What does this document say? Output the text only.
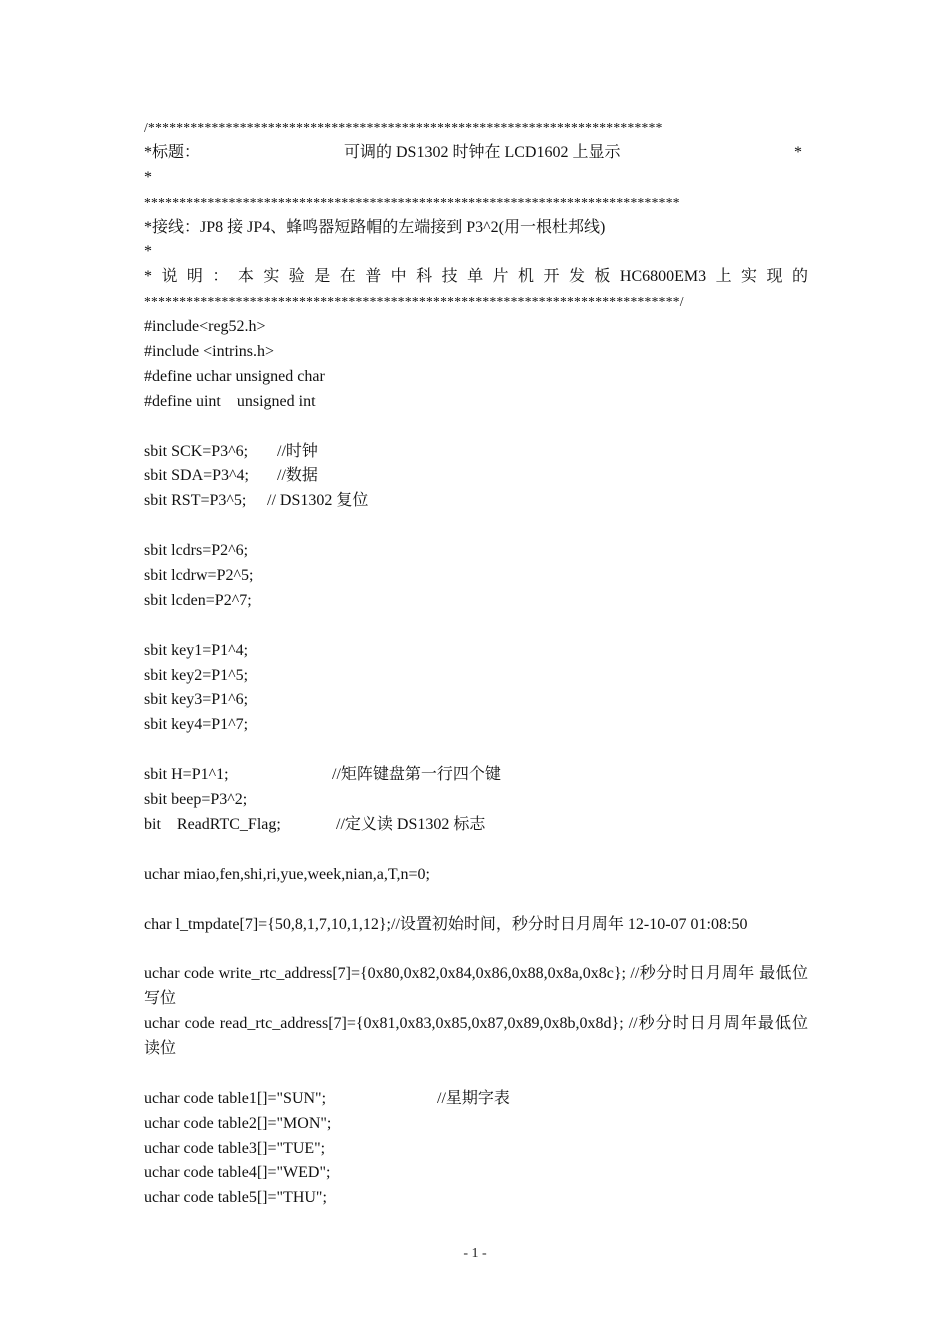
/*************************************************************************

*标题：

	可调的 DS1302 时钟在 LCD1602 上显示

	*

*
****************************************************************************
*接线：JP8 接 JP4、蜂鸣器短路帽的左端接到 P3^2(用一根杜邦线)
*
* 说 明 ： 本 实 验 是 在 普 中 科 技 单 片 机 开 发 板 HC6800EM3 上 实 现 的
****************************************************************************/
#include<reg52.h>
#include <intrins.h>
#define uchar unsigned char
#define uint    unsigned int

sbit SCK=P3^6;

//时钟

sbit SDA=P3^4;

//数据

sbit RST=P3^5;

// DS1302 复位

sbit lcdrs=P2^6;
sbit lcdrw=P2^5;
sbit lcden=P2^7;
sbit key1=P1^4;
sbit key2=P1^5;
sbit key3=P1^6;
sbit key4=P1^7;

sbit H=P1^1;

	//矩阵键盘第一行四个键

sbit beep=P3^2;

bit    ReadRTC_Flag;

	//定义读 DS1302 标志

uchar miao,fen,shi,ri,yue,week,nian,a,T,n=0;
char l_tmpdate[7]={50,8,1,7,10,1,12};//设置初始时间，秒分时日月周年 12-10-07 01:08:50
uchar code write_rtc_address[7]={0x80,0x82,0x84,0x86,0x88,0x8a,0x8c}; //秒分时日月周年 最低位写位
uchar code read_rtc_address[7]={0x81,0x83,0x85,0x87,0x89,0x8b,0x8d}; //秒分时日月周年最低位读位

uchar code table1[]="SUN";

	//星期字表

uchar code table2[]="MON";
uchar code table3[]="TUE";
uchar code table4[]="WED";
uchar code table5[]="THU";
- 1 -
